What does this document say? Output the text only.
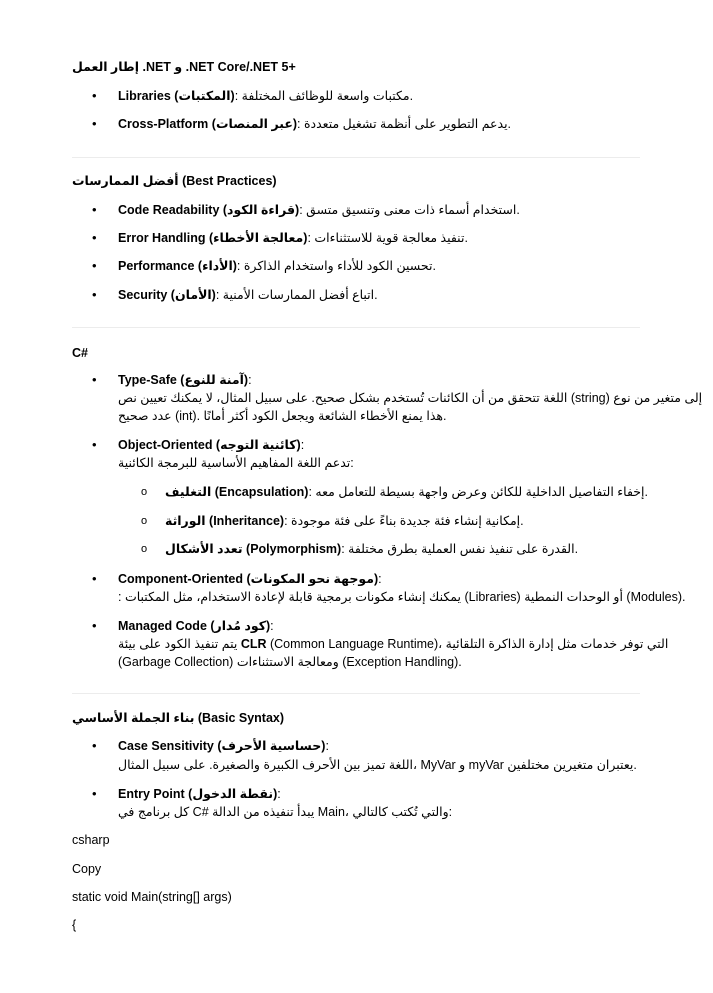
إطار العمل .NET و .NET Core/.NET 5+
• Libraries (المكتبات): مكتبات واسعة للوظائف المختلفة.
• Cross-Platform (عبر المنصات): يدعم التطوير على أنظمة تشغيل متعددة.
أفضل الممارسات (Best Practices)
• Code Readability (قراءة الكود): استخدام أسماء ذات معنى وتنسيق متسق.
• Error Handling (معالجة الأخطاء): تنفيذ معالجة قوية للاستثناءات.
• Performance (الأداء): تحسين الكود للأداء واستخدام الذاكرة.
• Security (الأمان): اتباع أفضل الممارسات الأمنية.
C#
• Type-Safe (آمنة للنوع):
اللغة تتحقق من أن الكائنات تُستخدم بشكل صحيح. على سبيل المثال، لا يمكنك تعيين نص (string) إلى متغير من نوع
عدد صحيح (int). هذا يمنع الأخطاء الشائعة ويجعل الكود أكثر أمانًا.
• Object-Oriented (كائنية التوجه):
تدعم اللغة المفاهيم الأساسية للبرمجة الكائنية:
o التغليف (Encapsulation): إخفاء التفاصيل الداخلية للكائن وعرض واجهة بسيطة للتعامل معه.
o الوراثة (Inheritance): إمكانية إنشاء فئة جديدة بناءً على فئة موجودة.
o تعدد الأشكال (Polymorphism): القدرة على تنفيذ نفس العملية بطرق مختلفة.
• Component-Oriented (موجهة نحو المكونات):
: يمكنك إنشاء مكونات برمجية قابلة لإعادة الاستخدام، مثل المكتبات (Libraries) أو الوحدات النمطية (Modules).
• Managed Code (كود مُدار):
يتم تنفيذ الكود على بيئة CLR (Common Language Runtime)، التي توفر خدمات مثل إدارة الذاكرة التلقائية
(Garbage Collection) ومعالجة الاستثناءات (Exception Handling).
بناء الجملة الأساسي (Basic Syntax)
• Case Sensitivity (حساسية الأحرف):
اللغة تميز بين الأحرف الكبيرة والصغيرة. على سبيل المثال، MyVar و myVar يعتبران متغيرين مختلفين.
• Entry Point (نقطة الدخول):
كل برنامج في C# يبدأ تنفيذه من الدالة Main، والتي تُكتب كالتالي:
csharp
Copy
static void Main(string[] args)
{
